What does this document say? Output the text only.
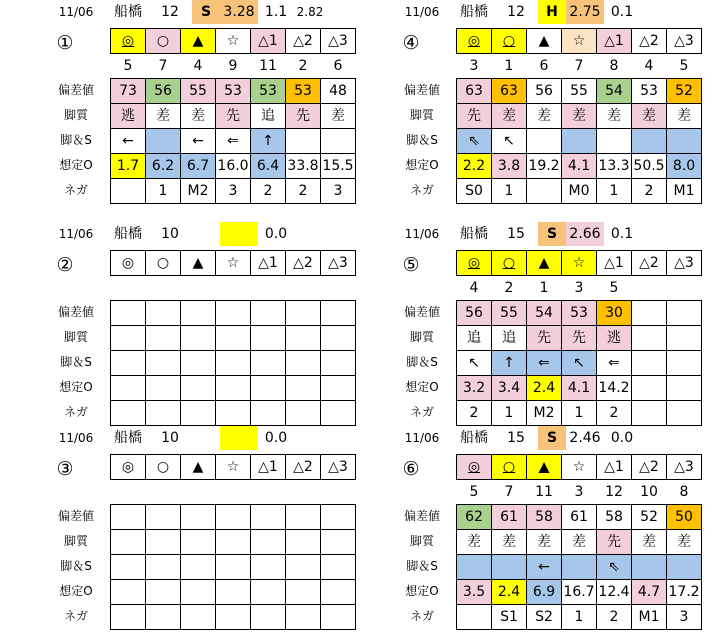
11/06	船橋	12	S 3.28 1.1 2.82
①
偏差値
脚質
脚＆S
想定O
ネガ
◎	○	▲	☆	△1	△2	△3
5	7	4	9	11	2	6
73	56	55	53	53	53	48
逃	差	差	先	追	先	差
←		←	⇐	↑		
1.7	6.2	6.7	16.0	6.4	33.8	15.5
	1	M2	3	2	2	3
11/06	船橋	12	H 2.75 0.1
④
偏差値
脚質
脚＆S
想定O
ネガ
◎	○	▲	☆	△1	△2	△3
3	1	6	7	8	4	5
63	63	56	55	54	53	52
先	差	差	差	差	差	差
⇖	↖					
2.2	3.8	19.2	4.1	13.3	50.5	8.0
S0	1		M0	1	2	M1
11/06	船橋	10	0.0
②
偏差値
脚質
脚＆S
想定O
ネガ
◎	○	▲	☆	△1	△2	△3

11/06	船橋	15	S 2.66 0.1
⑤
偏差値
脚質
脚＆S
想定O
ネガ
◎	○	▲	☆	△1	△2	△3
4	2	1	3	5		
56	55	54	53	30		
追	追	先	先	逃		
↖	↑	⇐	↖	⇐		
3.2	3.4	2.4	4.1	14.2		
2	1	M2	1	2		
11/06	船橋	10	0.0
③
偏差値
脚質
脚＆S
想定O
ネガ
◎	○	▲	☆	△1	△2	△3

11/06	船橋	15	S 2.46 0.0
⑥
偏差値
脚質
脚＆S
想定O
ネガ
◎	○	▲	☆	△1	△2	△3
5	7	11	3	12	10	8
62	61	58	61	58	52	50
差	差	差	差	先	差	差
		←		⇖		
3.5	2.4	6.9	16.7	12.4	4.7	17.2
	S1	S2	1	2	M1	3
